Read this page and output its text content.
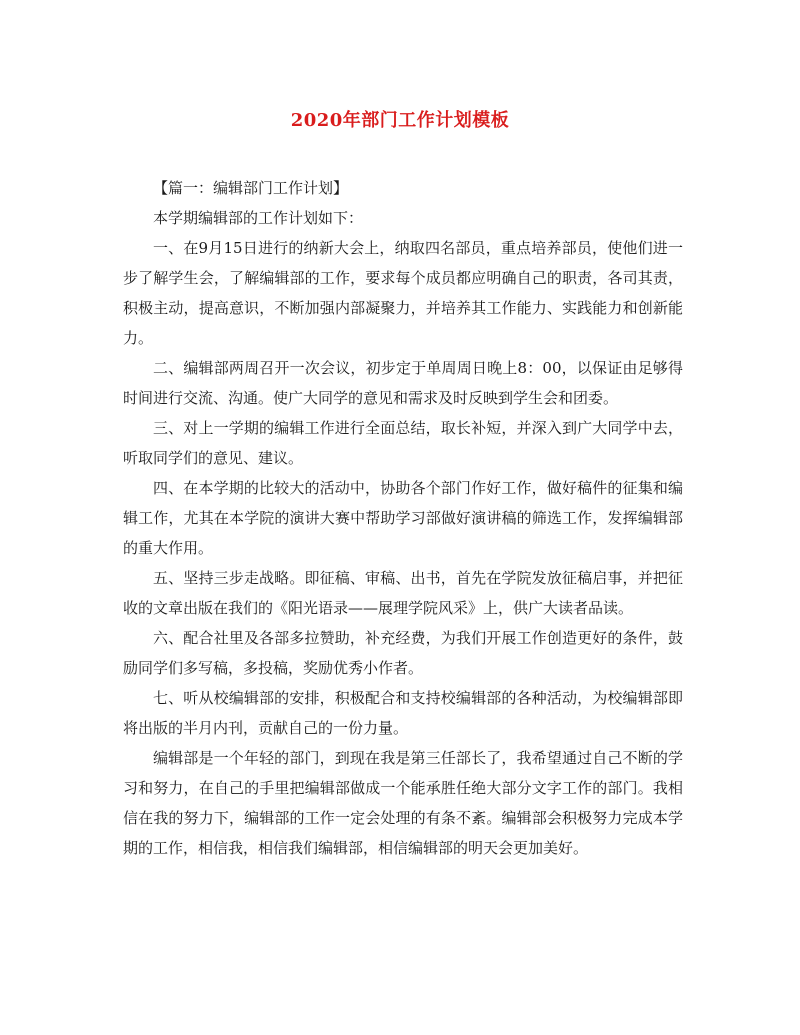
2020年部门工作计划模板

【篇一：编辑部门工作计划】

本学期编辑部的工作计划如下：

一、在9月15日进行的纳新大会上，纳取四名部员，重点培养部员，使他们进一步了解学生会，了解编辑部的工作，要求每个成员都应明确自己的职责，各司其责，积极主动，提高意识，不断加强内部凝聚力，并培养其工作能力、实践能力和创新能力。

二、编辑部两周召开一次会议，初步定于单周周日晚上8：00，以保证由足够得时间进行交流、沟通。使广大同学的意见和需求及时反映到学生会和团委。

三、对上一学期的编辑工作进行全面总结，取长补短，并深入到广大同学中去，听取同学们的意见、建议。

四、在本学期的比较大的活动中，协助各个部门作好工作，做好稿件的征集和编辑工作，尤其在本学院的演讲大赛中帮助学习部做好演讲稿的筛选工作，发挥编辑部的重大作用。

五、坚持三步走战略。即征稿、审稿、出书，首先在学院发放征稿启事，并把征收的文章出版在我们的《阳光语录——展理学院风采》上，供广大读者品读。

六、配合社里及各部多拉赞助，补充经费，为我们开展工作创造更好的条件，鼓励同学们多写稿，多投稿，奖励优秀小作者。

七、听从校编辑部的安排，积极配合和支持校编辑部的各种活动，为校编辑部即将出版的半月内刊，贡献自己的一份力量。

编辑部是一个年轻的部门，到现在我是第三任部长了，我希望通过自己不断的学习和努力，在自己的手里把编辑部做成一个能承胜任绝大部分文字工作的部门。我相信在我的努力下，编辑部的工作一定会处理的有条不紊。编辑部会积极努力完成本学期的工作，相信我，相信我们编辑部，相信编辑部的明天会更加美好。
